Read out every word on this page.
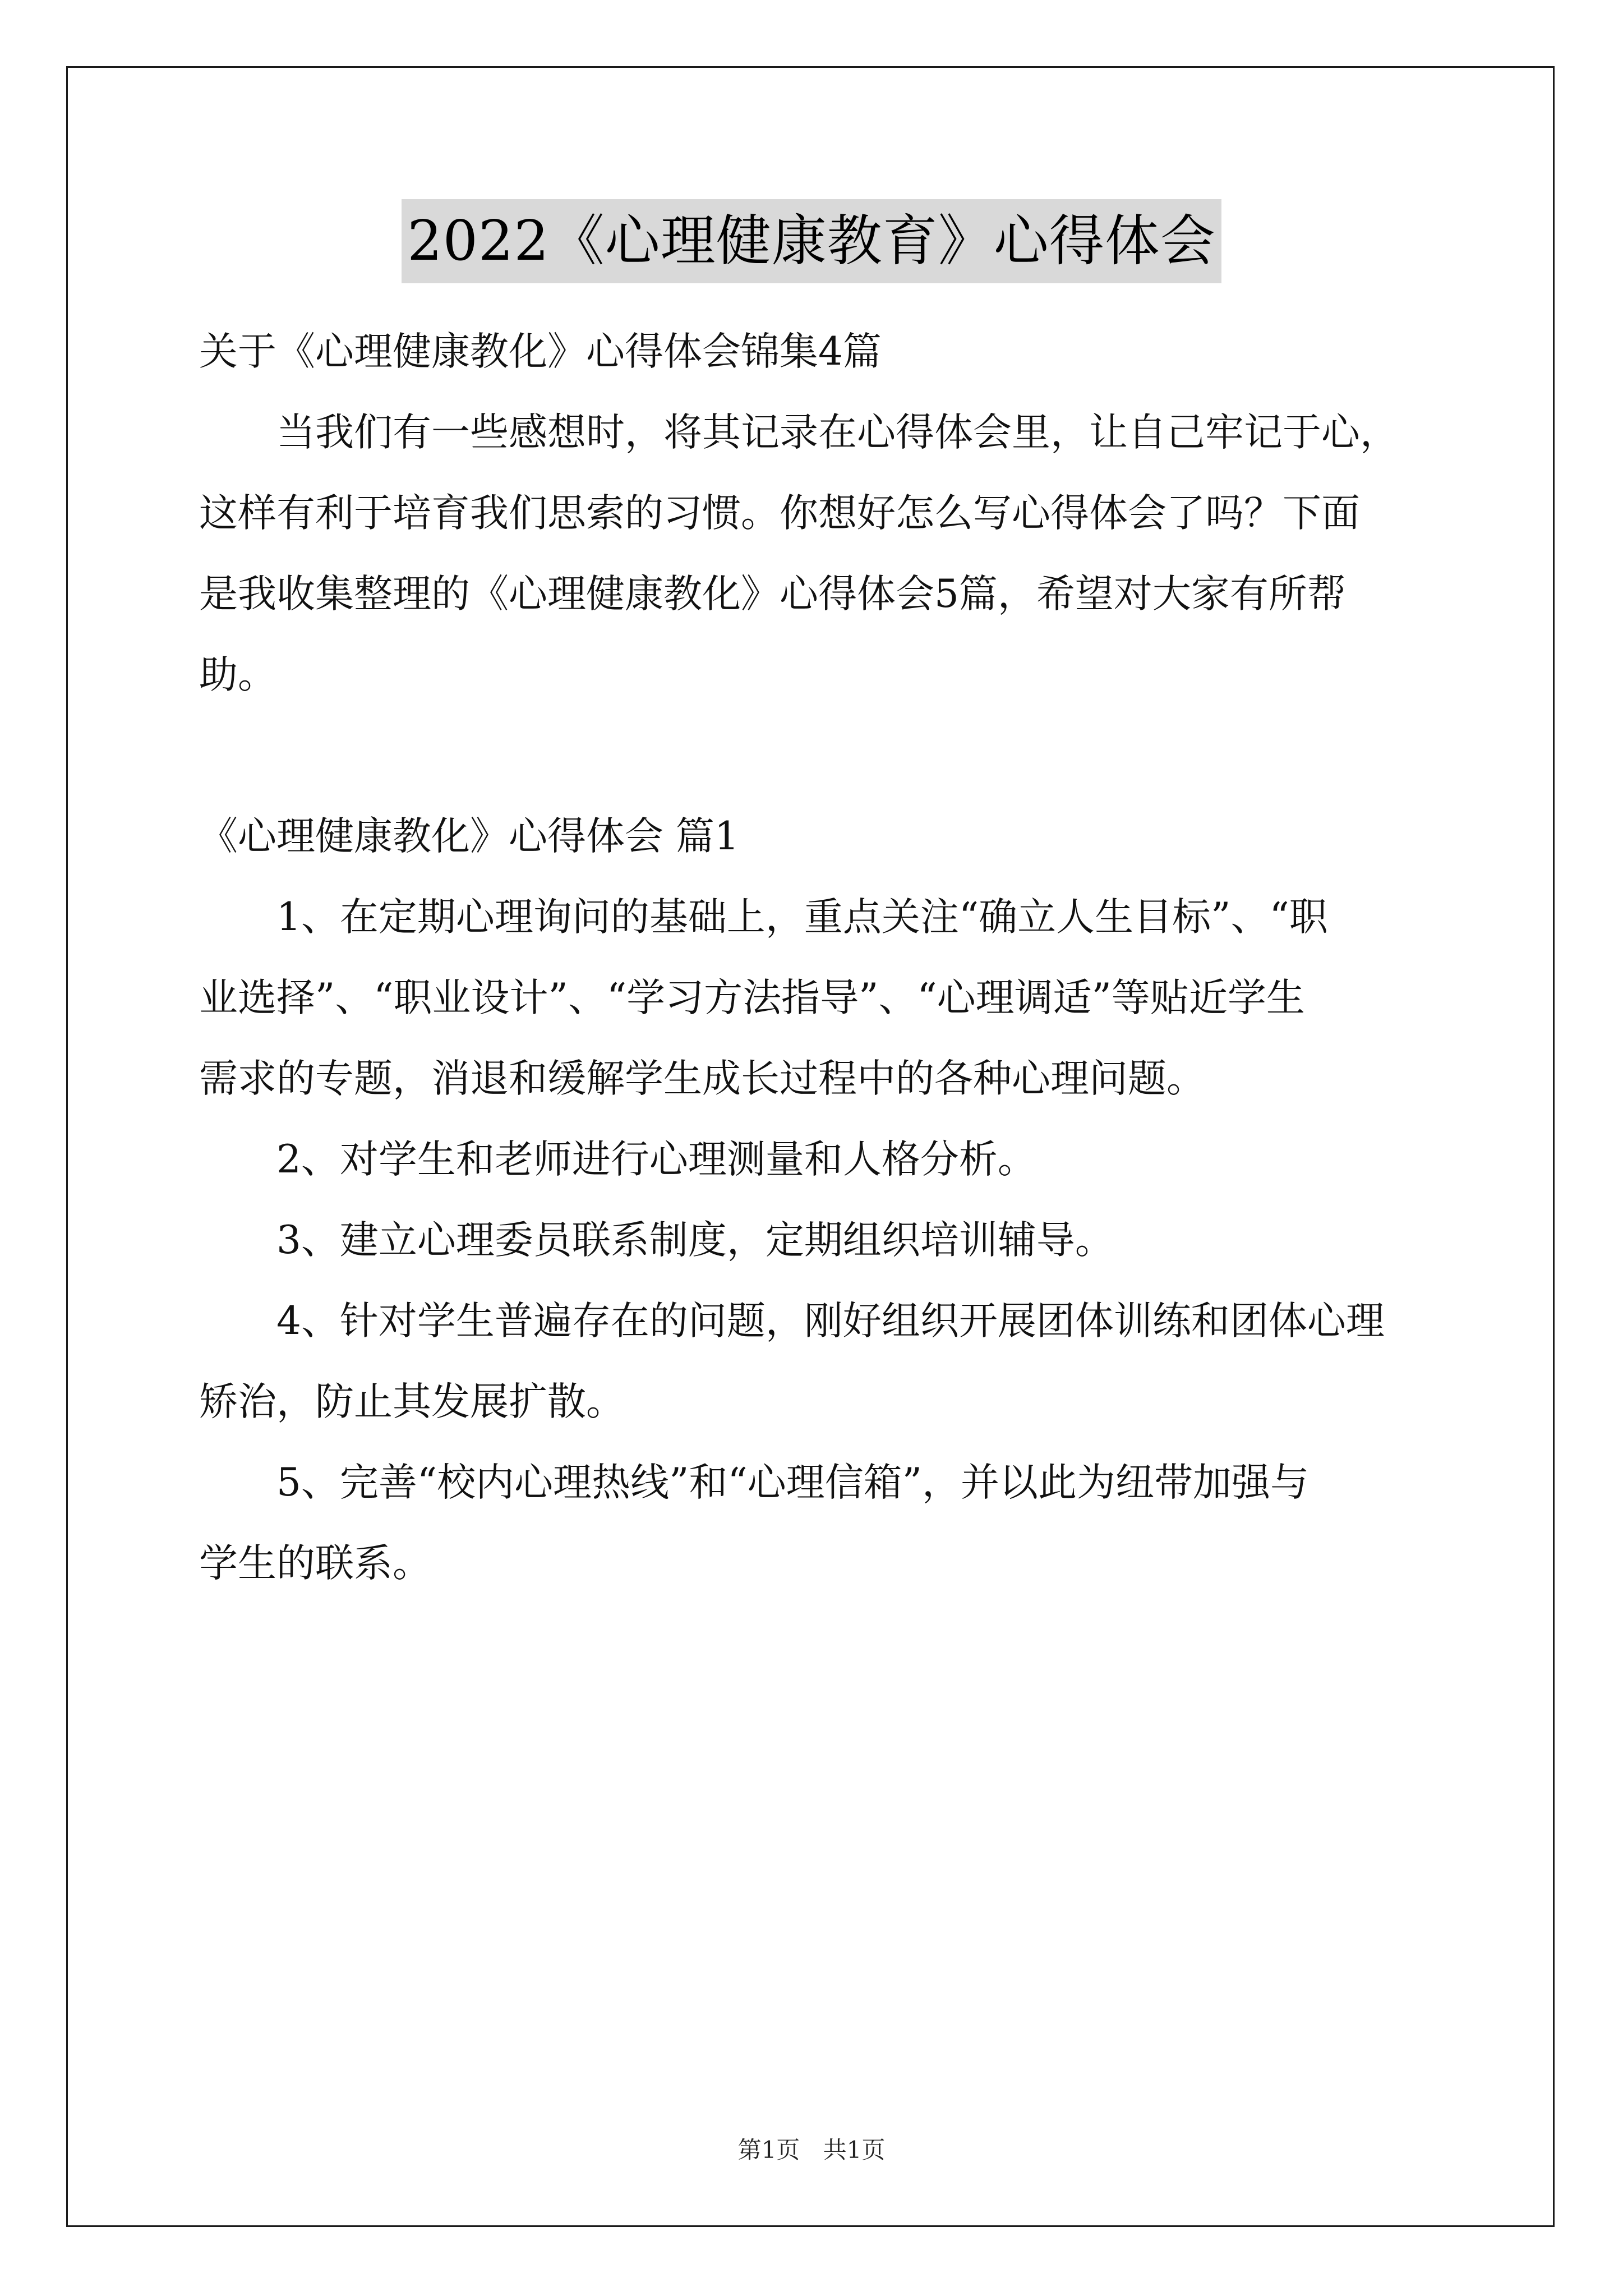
2022《心理健康教育》心得体会

关于《心理健康教化》心得体会锦集4篇

当我们有一些感想时，将其记录在心得体会里，让自己牢记于心，

这样有利于培育我们思索的习惯。你想好怎么写心得体会了吗？下面

是我收集整理的《心理健康教化》心得体会5篇，希望对大家有所帮

助。

《心理健康教化》心得体会 篇1

1、在定期心理询问的基础上，重点关注“确立人生目标”、“职

业选择”、“职业设计”、“学习方法指导”、“心理调适”等贴近学生

需求的专题，消退和缓解学生成长过程中的各种心理问题。

2、对学生和老师进行心理测量和人格分析。

3、建立心理委员联系制度，定期组织培训辅导。

4、针对学生普遍存在的问题，刚好组织开展团体训练和团体心理

矫治，防止其发展扩散。

5、完善“校内心理热线”和“心理信箱”，并以此为纽带加强与

学生的联系。

第1页 共1页
